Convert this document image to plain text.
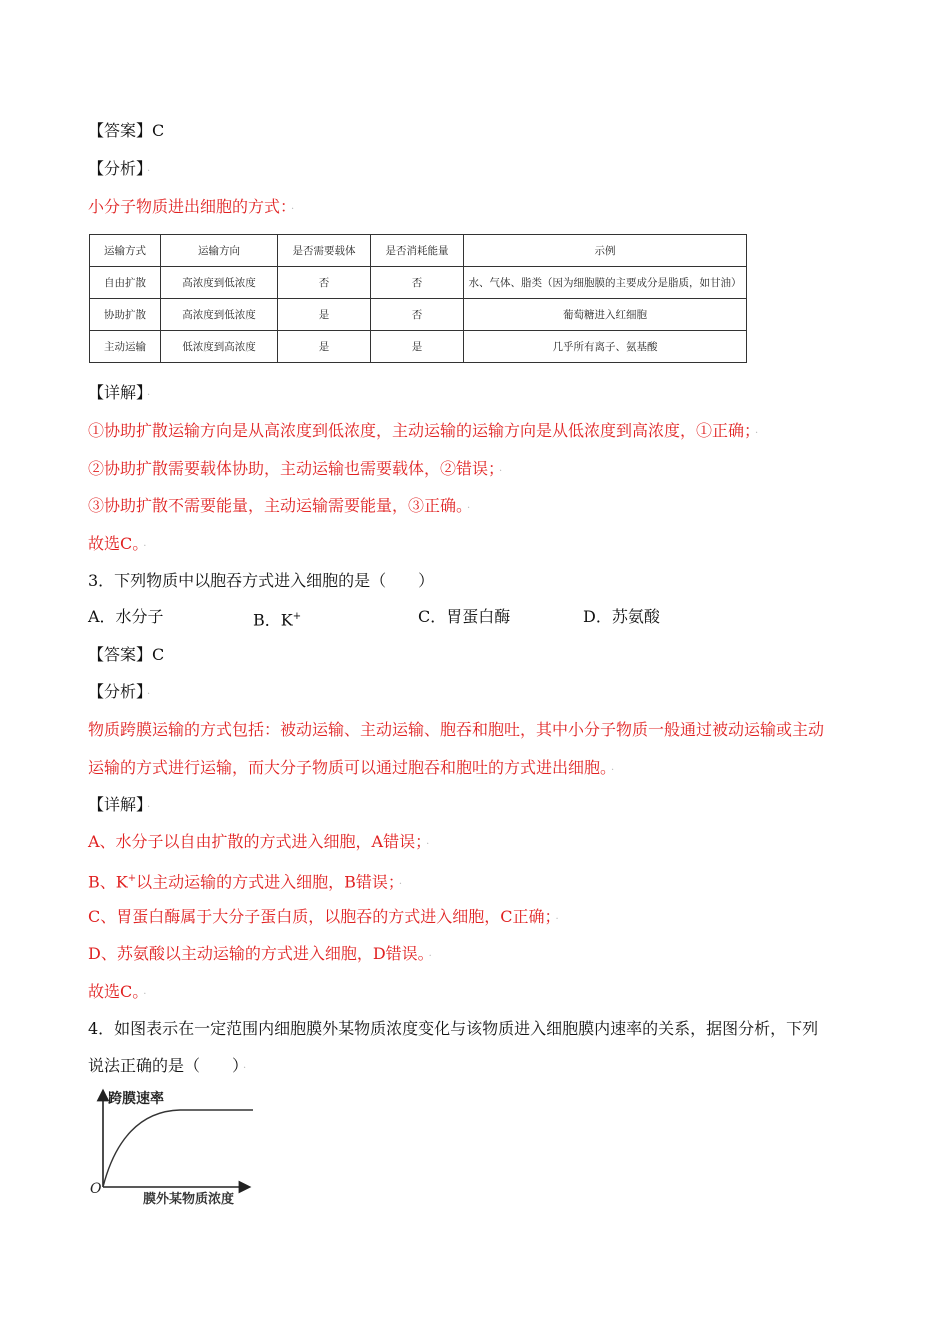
【答案】C
【分析】 ·
小分子物质进出细胞的方式： ·
运输方式	运输方向	是否需要载体	是否消耗能量	示例
自由扩散	高浓度到低浓度	否	否	水、气体、脂类（因为细胞膜的主要成分是脂质，如甘油）
协助扩散	高浓度到低浓度	是	否	葡萄糖进入红细胞
主动运输	低浓度到高浓度	是	是	几乎所有离子、氨基酸
【详解】 ·
①协助扩散运输方向是从高浓度到低浓度，主动运输的运输方向是从低浓度到高浓度，①正确； ·
②协助扩散需要载体协助，主动运输也需要载体，②错误； ·
③协助扩散不需要能量，主动运输需要能量，③正确。 ·
故选C。 ·
3．下列物质中以胞吞方式进入细胞的是（　　）
A．水分子	B．K+	C．胃蛋白酶	D．苏氨酸
【答案】C
【分析】 ·
物质跨膜运输的方式包括：被动运输、主动运输、胞吞和胞吐，其中小分子物质一般通过被动运输或主动
运输的方式进行运输，而大分子物质可以通过胞吞和胞吐的方式进出细胞。 ·
【详解】 ·
A、水分子以自由扩散的方式进入细胞，A错误； ·
B、K+以主动运输的方式进入细胞，B错误； ·
C、胃蛋白酶属于大分子蛋白质，以胞吞的方式进入细胞，C正确； ·
D、苏氨酸以主动运输的方式进入细胞，D错误。 ·
故选C。 ·
4．如图表示在一定范围内细胞膜外某物质浓度变化与该物质进入细胞膜内速率的关系，据图分析，下列
说法正确的是（　　） ·
跨膜速率
O
膜外某物质浓度
